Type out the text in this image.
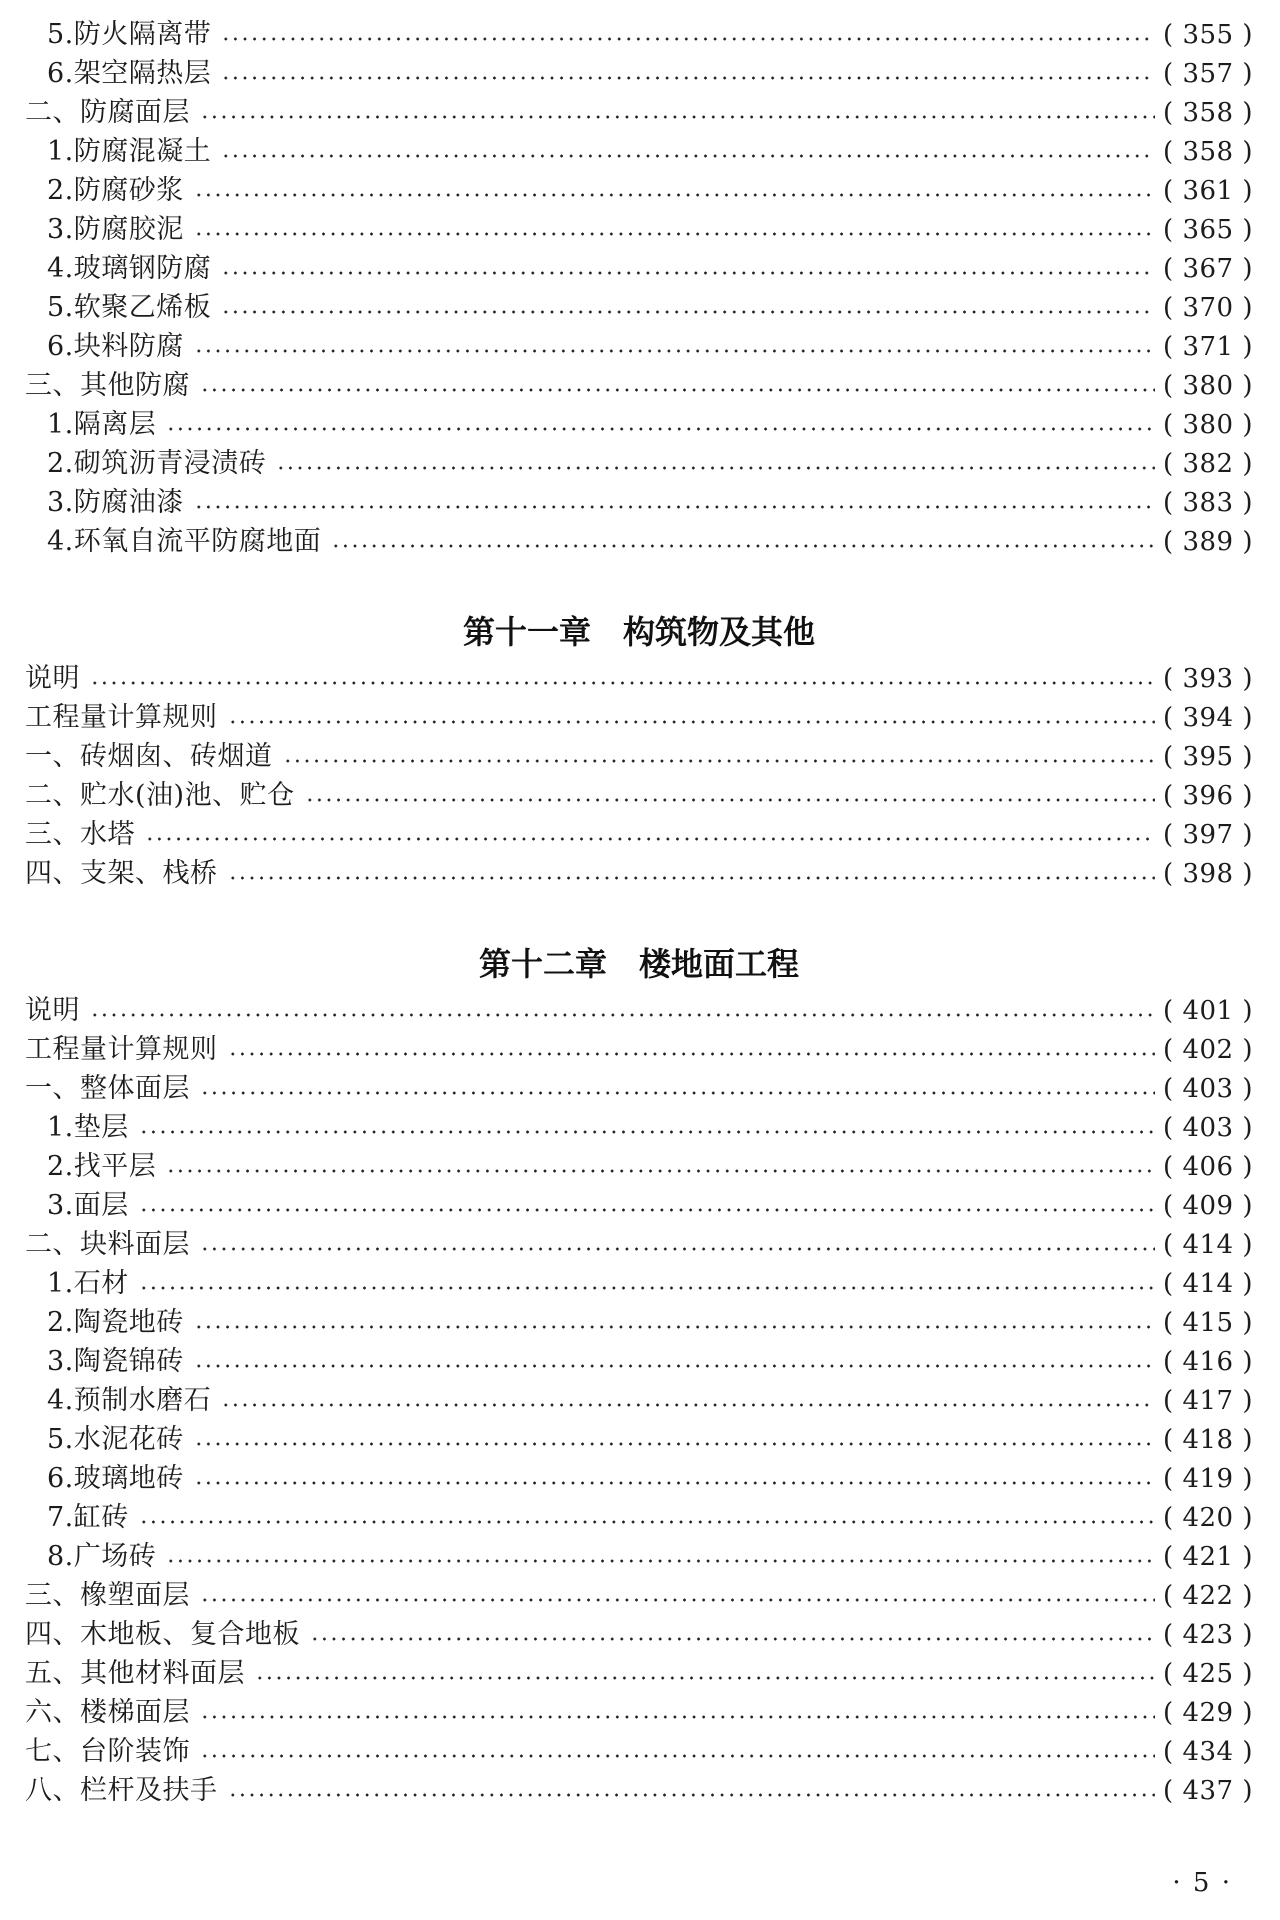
5.防火隔离带	( 355 )
6.架空隔热层	( 357 )
二、防腐面层	( 358 )
1.防腐混凝土	( 358 )
2.防腐砂浆	( 361 )
3.防腐胶泥	( 365 )
4.玻璃钢防腐	( 367 )
5.软聚乙烯板	( 370 )
6.块料防腐	( 371 )
三、其他防腐	( 380 )
1.隔离层	( 380 )
2.砌筑沥青浸渍砖	( 382 )
3.防腐油漆	( 383 )
4.环氧自流平防腐地面	( 389 )
第十一章　构筑物及其他
说明	( 393 )
工程量计算规则	( 394 )
一、砖烟囱、砖烟道	( 395 )
二、贮水(油)池、贮仓	( 396 )
三、水塔	( 397 )
四、支架、栈桥	( 398 )
第十二章　楼地面工程
说明	( 401 )
工程量计算规则	( 402 )
一、整体面层	( 403 )
1.垫层	( 403 )
2.找平层	( 406 )
3.面层	( 409 )
二、块料面层	( 414 )
1.石材	( 414 )
2.陶瓷地砖	( 415 )
3.陶瓷锦砖	( 416 )
4.预制水磨石	( 417 )
5.水泥花砖	( 418 )
6.玻璃地砖	( 419 )
7.缸砖	( 420 )
8.广场砖	( 421 )
三、橡塑面层	( 422 )
四、木地板、复合地板	( 423 )
五、其他材料面层	( 425 )
六、楼梯面层	( 429 )
七、台阶装饰	( 434 )
八、栏杆及扶手	( 437 )
· 5 ·
